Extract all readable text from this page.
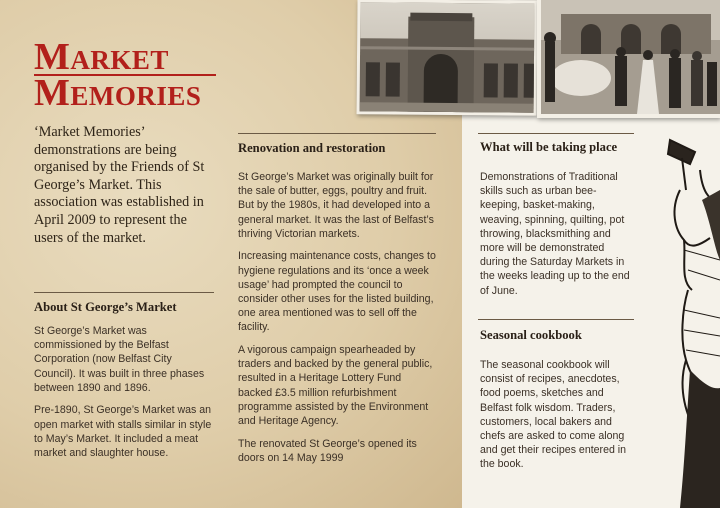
Market
Memories
‘Market Memories’ demonstrations are being organised by the Friends of St George’s Market. This association was established in April 2009 to represent the users of the market.
About St George’s Market

St George’s Market was commissioned by the Belfast Corporation (now Belfast City Council). It was built in three phases between 1890 and 1896.

Pre-1890, St George’s Market was an open market with stalls similar in style to May’s Market. It included a meat market and slaughter house.

Renovation and restoration

St George’s Market was originally built for the sale of butter, eggs, poultry and fruit. But by the 1980s, it had developed into a general market. It was the last of Belfast’s thriving Victorian markets.

Increasing maintenance costs, changes to hygiene regulations and its ‘once a week usage’ had prompted the council to consider other uses for the listed building, one area mentioned was to sell off the facility.

A vigorous campaign spearheaded by traders and backed by the general public, resulted in a Heritage Lottery Fund backed £3.5 million refurbishment programme assisted by the Environment and Heritage Agency.

The renovated St George’s opened its doors on 14 May 1999

What will be taking place
Demonstrations of Traditional skills such as urban bee-keeping, basket-making, weaving, spinning, quilting, pot throwing, blacksmithing and more will be demonstrated during the Saturday Markets in the weeks leading up to the end of June.
Seasonal cookbook
The seasonal cookbook will consist of recipes, anecdotes, food poems, sketches and Belfast folk wisdom. Traders, customers, local bakers and chefs are asked to come along and get their recipes entered in the book.
